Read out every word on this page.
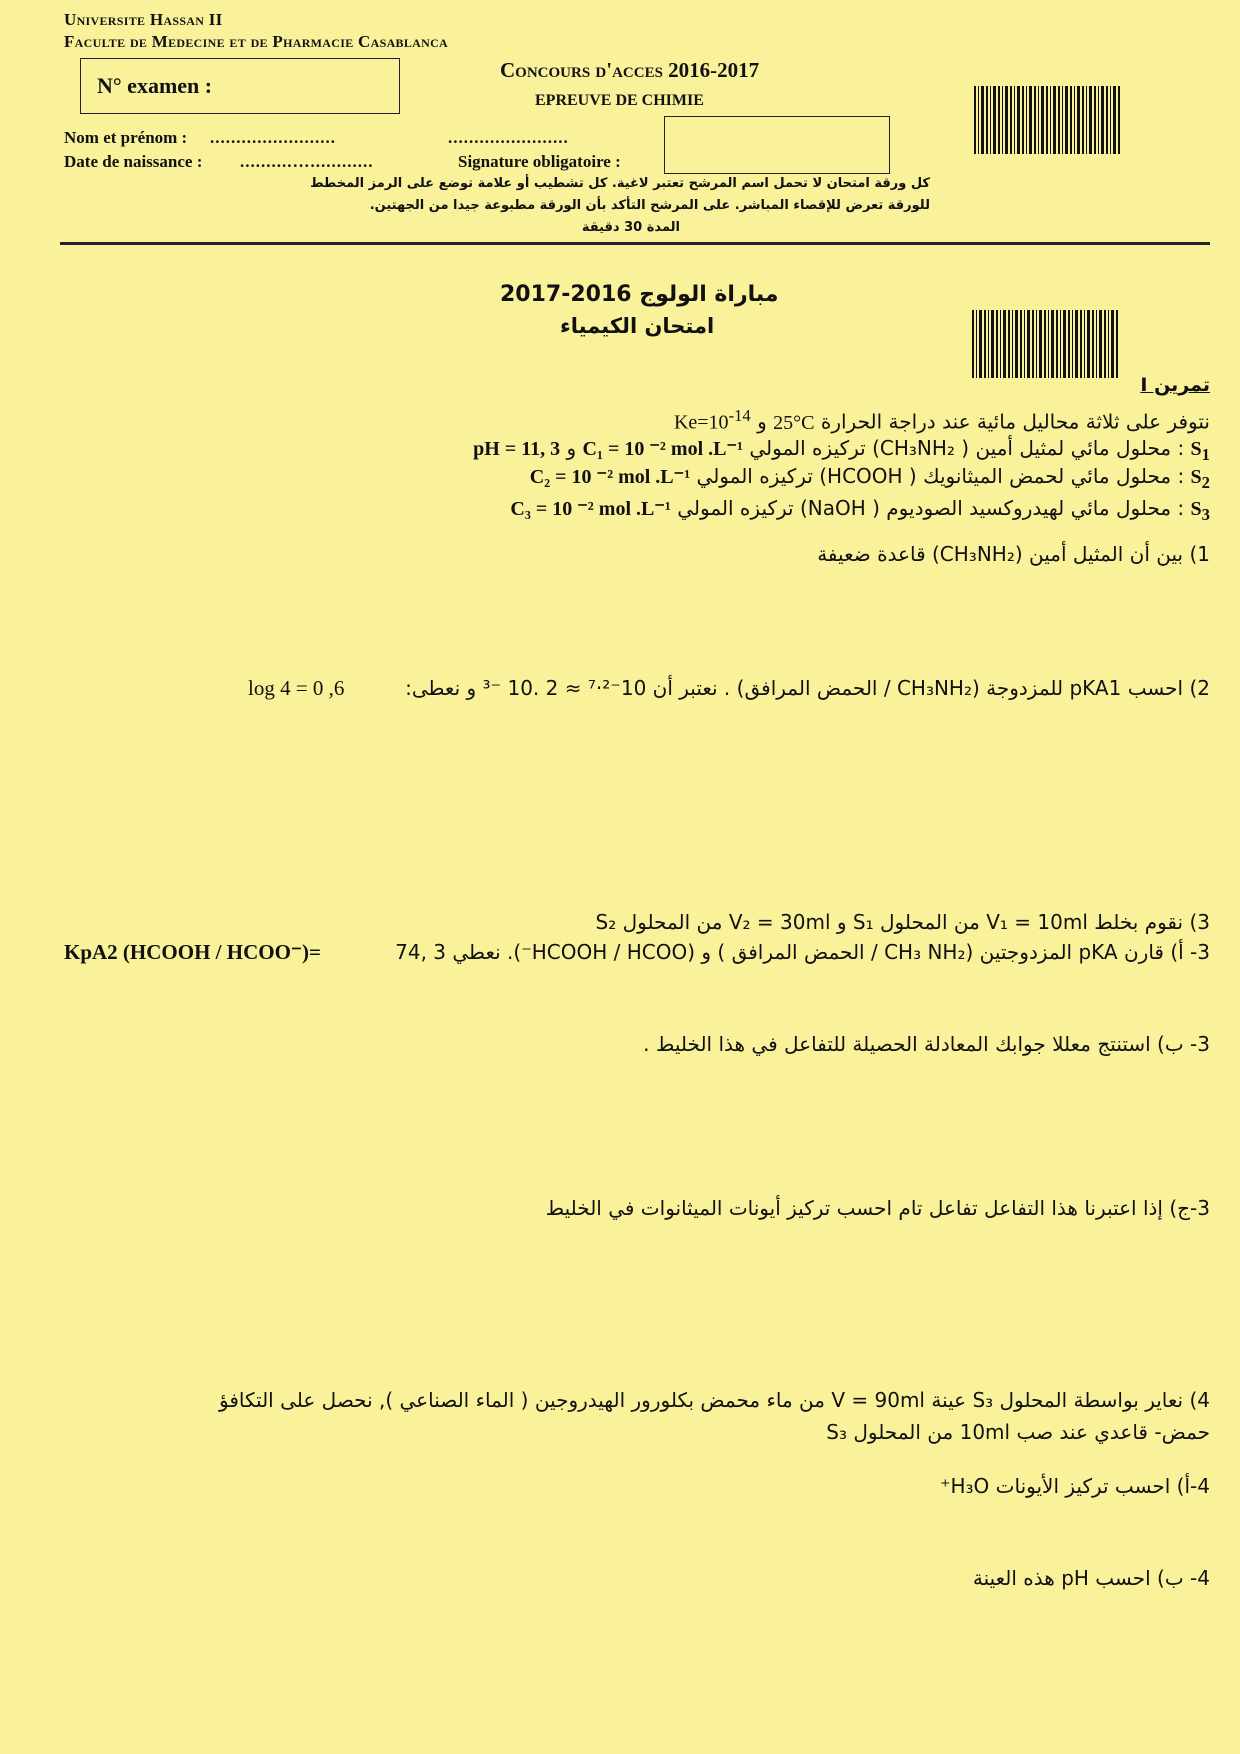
Universite Hassan II
Faculte de Medecine et de Pharmacie Casablanca
N° examen :
Concours d'acces 2016-2017
EPREUVE DE CHIMIE
Nom et prénom : ........................	.......................
Date de naissance : ..........…............	Signature obligatoire :
كل ورقة امتحان لا تحمل اسم المرشح تعتبر لاغية. كل تشطيب أو علامة توضع على الرمز المخطط
للورقة تعرض للإقصاء المباشر. على المرشح التأكد بأن الورقة مطبوعة جيدا من الجهتين.
المدة 30 دقيقة
مباراة الولوج 2016-2017
امتحان الكيمياء
تمرين I
نتوفر على ثلاثة محاليل مائية عند دراجة الحرارة 25°C و $Ke=10^{-14}$
$S_1$ : محلول مائي لمثيل أمين ( CH₃NH₂) تركيزه المولي C₁ = 10 ⁻² mol .L⁻¹ و pH = 11, 3
$S_2$ : محلول مائي لحمض الميثانويك ( HCOOH) تركيزه المولي C₂ = 10 ⁻² mol .L⁻¹
$S_3$ : محلول مائي لهيدروكسيد الصوديوم ( NaOH) تركيزه المولي C₃ = 10 ⁻² mol .L⁻¹
1) بين أن المثيل أمين (CH₃NH₂) قاعدة ضعيفة
2) احسب pKA1 للمزدوجة (CH₃NH₂ / الحمض المرافق) . نعتبر أن 10⁻²·⁷ ≈ 2 .10 ⁻³ و نعطى:
log 4 = 0 ,6
3) نقوم بخلط V₁ = 10ml من المحلول S₁ و V₂ = 30ml من المحلول S₂
3- أ) قارن pKA المزدوجتين (CH₃ NH₂ / الحمض المرافق ) و (HCOOH / HCOO⁻). نعطي 3 ,74
KpA2 (HCOOH / HCOO⁻)=
3- ب) استنتج معللا جوابك المعادلة الحصيلة للتفاعل في هذا الخليط .
3-ج) إذا اعتبرنا هذا التفاعل تفاعل تام احسب تركيز أيونات الميثانوات في الخليط
4) نعاير بواسطة المحلول S₃ عينة V = 90ml من ماء محمض بكلورور الهيدروجين ( الماء الصناعي ), نحصل على التكافؤ
حمض- قاعدي عند صب 10ml من المحلول S₃
4-أ) احسب تركيز الأيونات H₃O⁺
4- ب) احسب pH هذه العينة
